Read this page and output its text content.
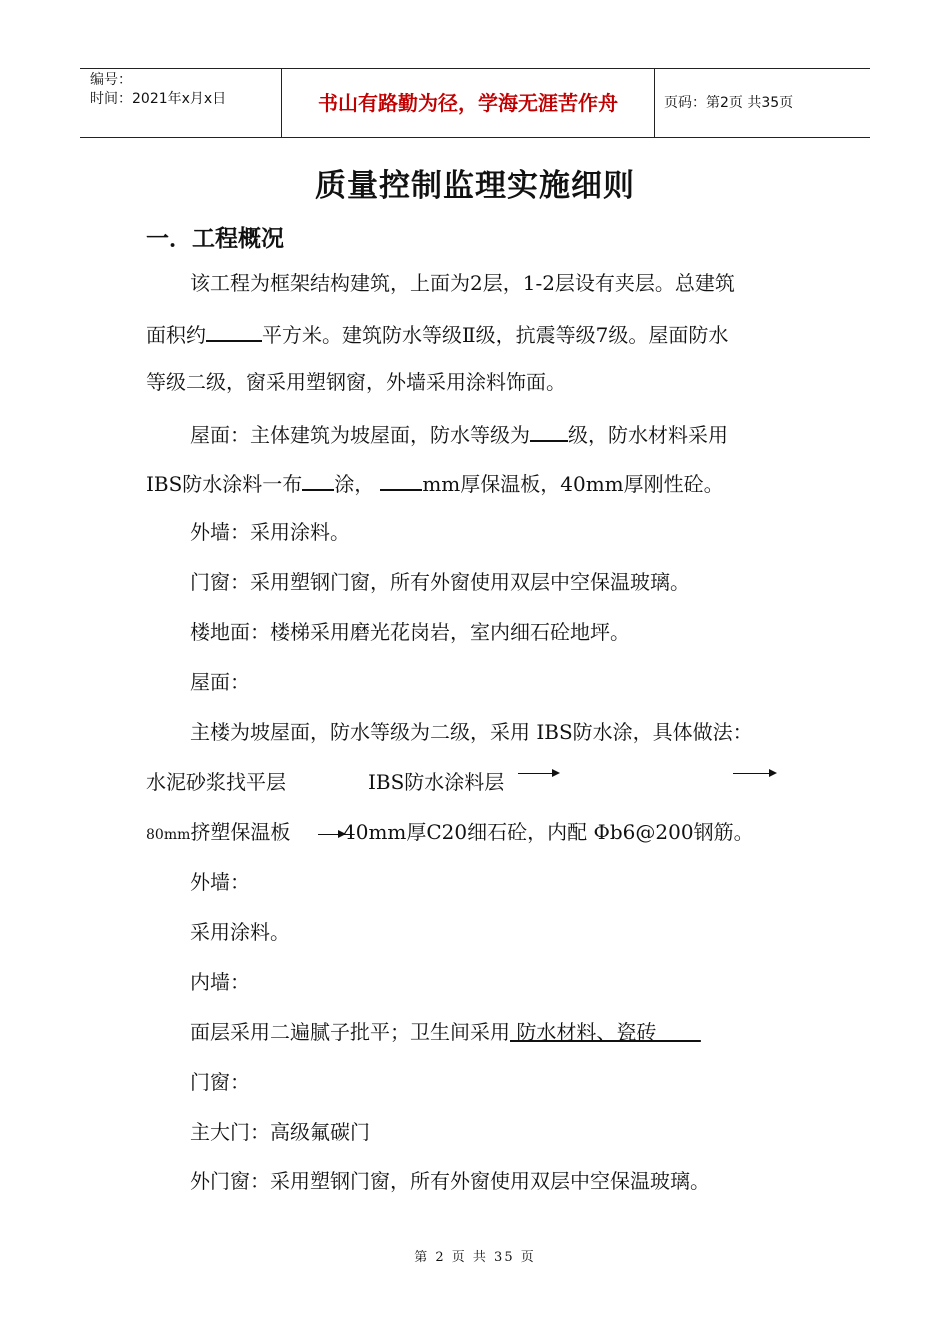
编号：
时间：2021年x月x日	书山有路勤为径，学海无涯苦作舟	页码：第2页 共35页
质量控制监理实施细则
一．工程概况
该工程为框架结构建筑，上面为2层，1-2层设有夹层。总建筑
面积约	平方米。建筑防水等级Ⅱ级，抗震等级7级。屋面防水
等级二级，窗采用塑钢窗，外墙采用涂料饰面。
屋面：主体建筑为坡屋面，防水等级为 级，防水材料采用
IBS防水涂料一布 涂， mm厚保温板，40mm厚刚性砼。
外墙：采用涂料。
门窗：采用塑钢门窗，所有外窗使用双层中空保温玻璃。
楼地面：楼梯采用磨光花岗岩，室内细石砼地坪。
屋面：
主楼为坡屋面，防水等级为二级，采用 IBS防水涂，具体做法：
水泥砂浆找平层	IBS防水涂料层
80mm挤塑保温板	40mm厚C20细石砼，内配 Φb6@200钢筋。
外墙：
采用涂料。
内墙：
面层采用二遍腻子批平；卫生间采用 防水材料、瓷砖
门窗：
主大门：高级氟碳门
外门窗：采用塑钢门窗，所有外窗使用双层中空保温玻璃。
第 2 页 共 35 页
